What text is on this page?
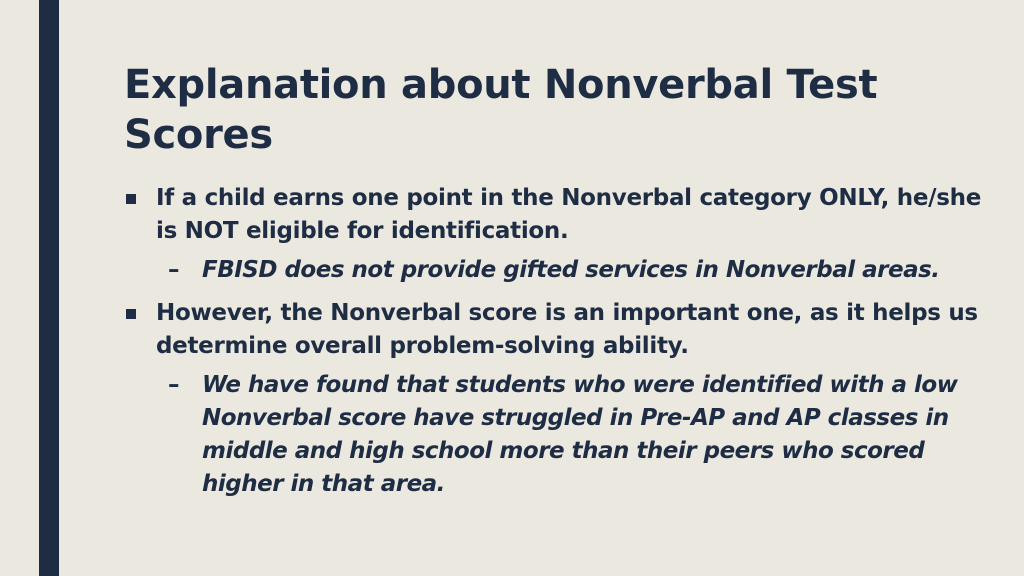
Explanation about Nonverbal Test Scores
If a child earns one point in the Nonverbal category ONLY, he/she is NOT eligible for identification.
– FBISD does not provide gifted services in Nonverbal areas.
However, the Nonverbal score is an important one, as it helps us determine overall problem-solving ability.
– We have found that students who were identified with a low Nonverbal score have struggled in Pre-AP and AP classes in middle and high school more than their peers who scored higher in that area.
